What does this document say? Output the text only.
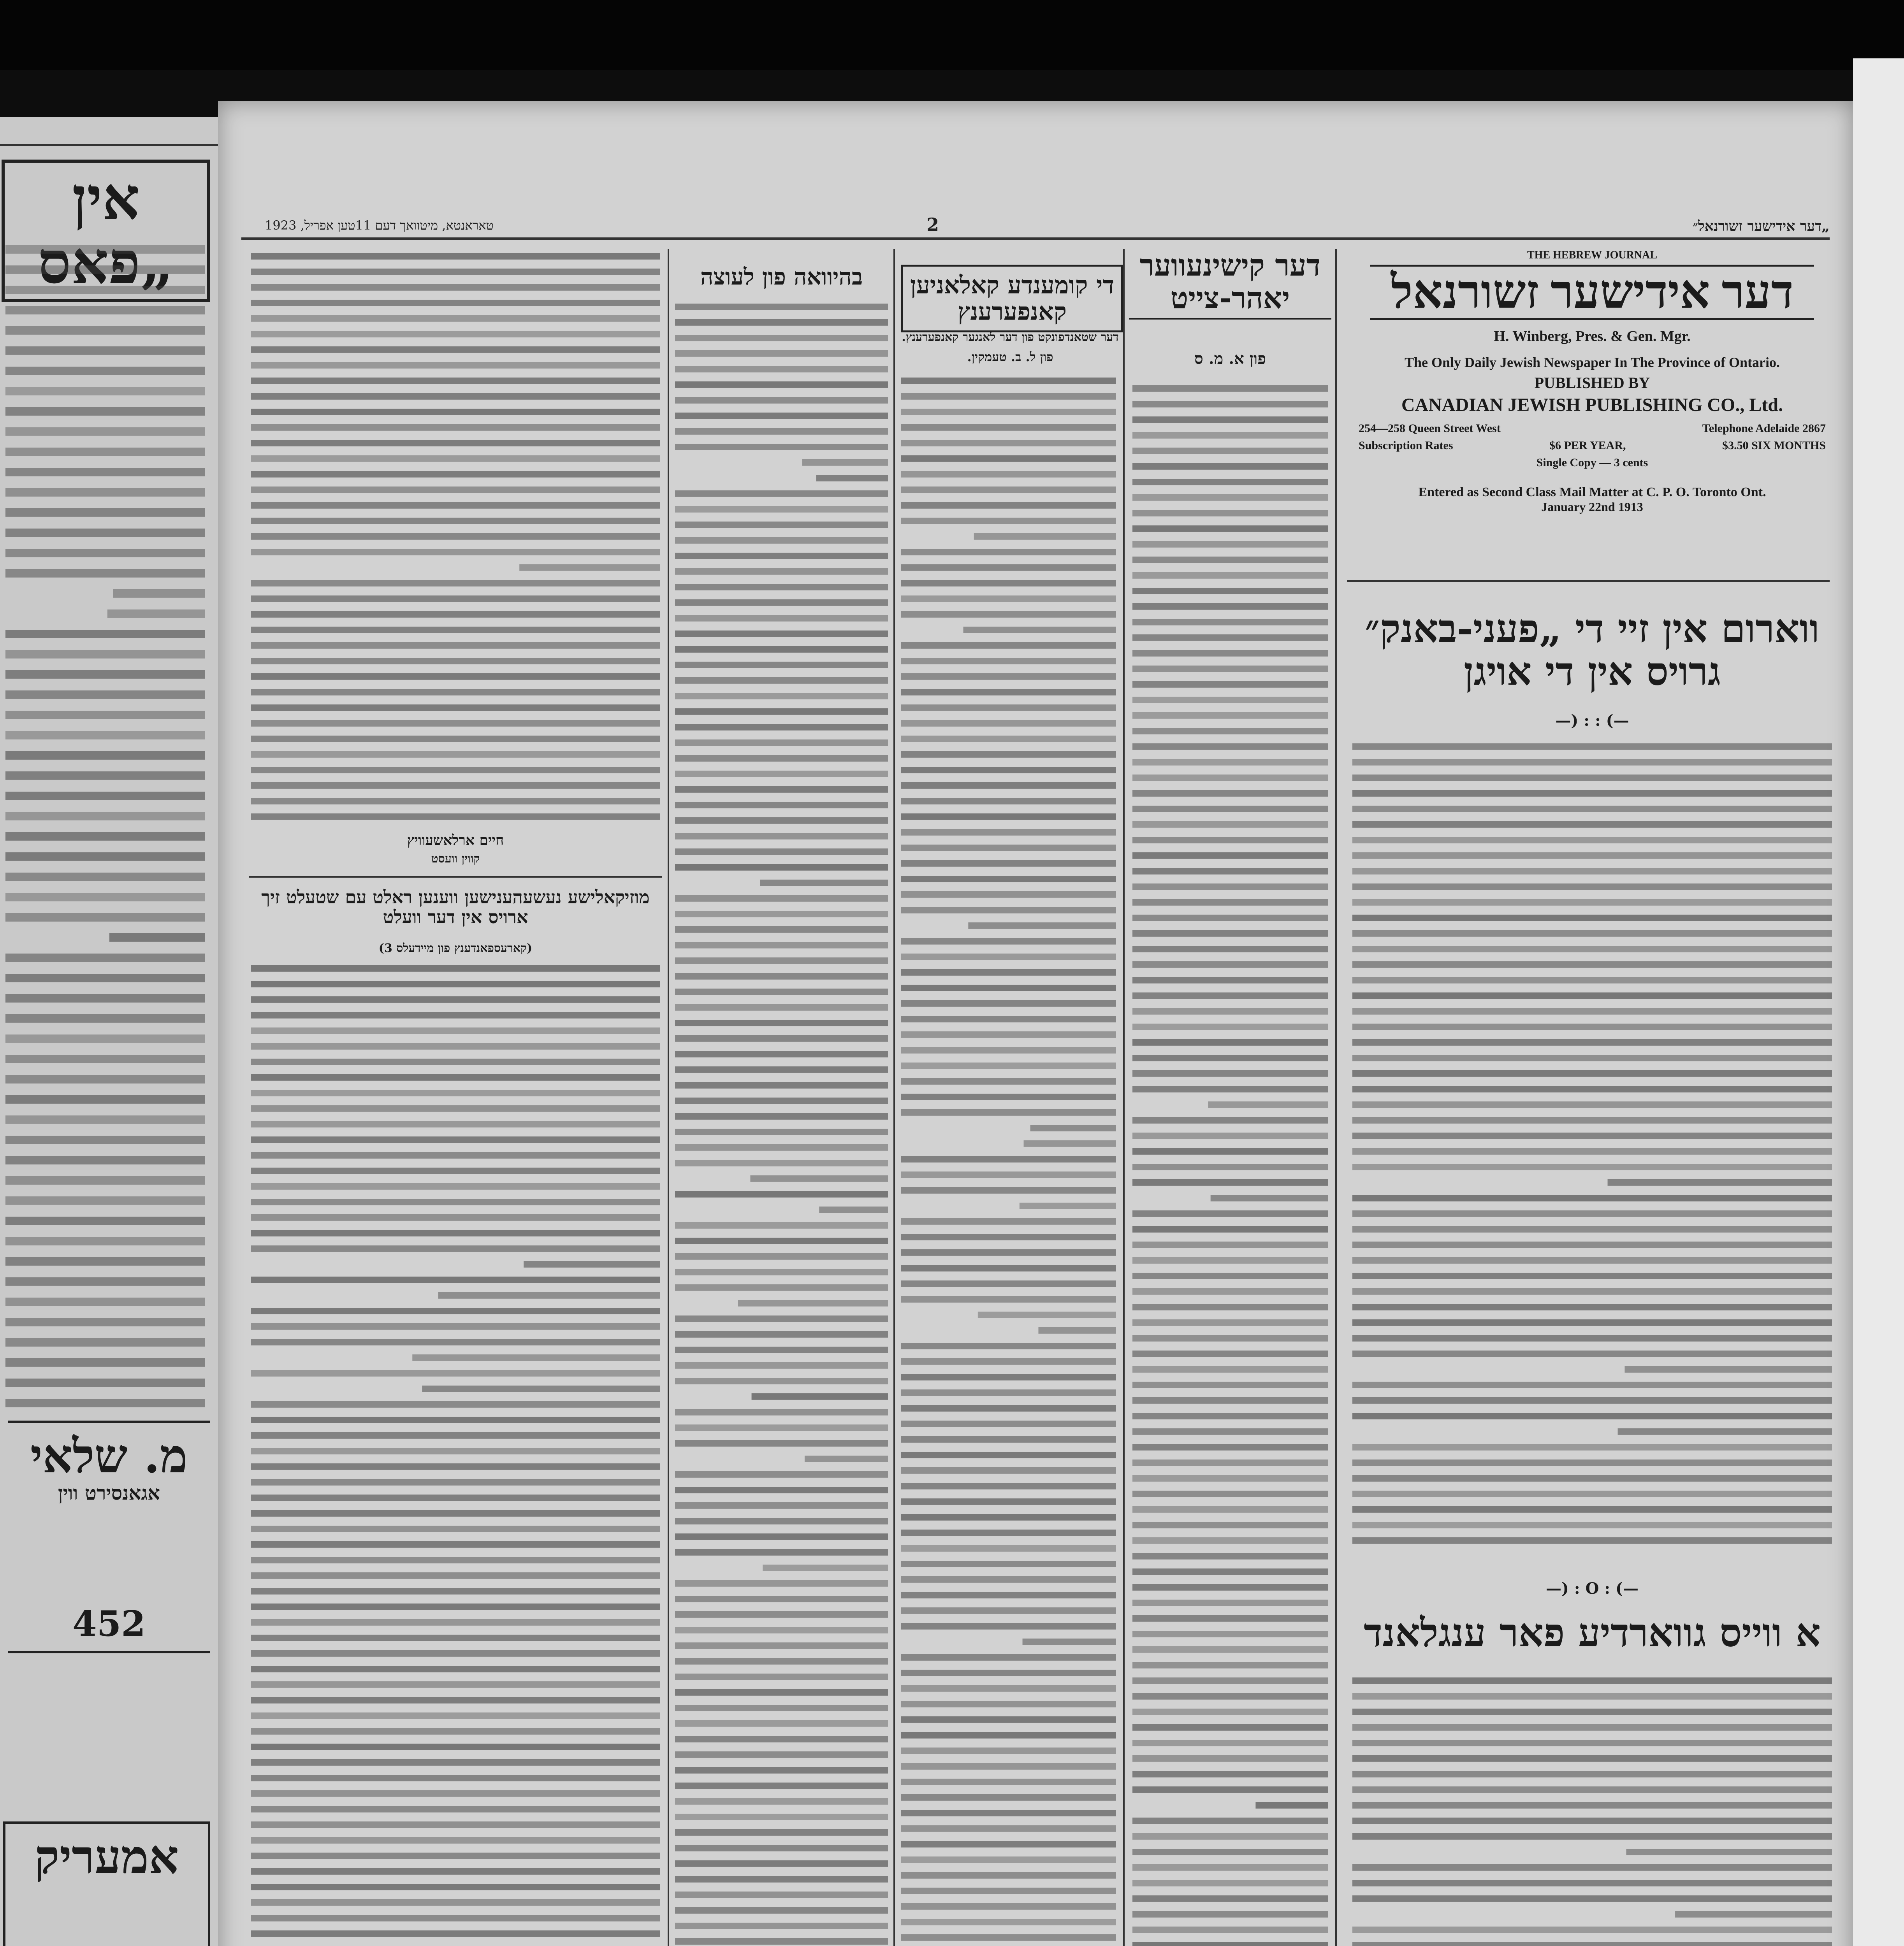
אין „פאס
מ. שלאי
אגאנסירט ווין
452
אמעריק
„דער אידישער זשורנאל״
2
טאראנטא, מיטוואך דעם 11טען אפריל, 1923
THE HEBREW JOURNAL
דער אידישער זשורנאל
H. Winberg, Pres. & Gen. Mgr.
The Only Daily Jewish Newspaper In The Province of Ontario.
PUBLISHED BY
CANADIAN JEWISH PUBLISHING CO., Ltd.
254—258 Queen Street West	Telephone Adelaide 2867
Subscription Rates	$6 PER YEAR,	$3.50 SIX MONTHS
Single Copy — 3 cents
Entered as Second Class Mail Matter at C. P. O. Toronto Ont.
January 22nd 1913
ווארום אין זיי די „פעני-באנק״ גרויס אין די אויגן
—) : : (—
—) : O : (—
א ווייס גווארדיע פאר ענגלאנד
דער קישינעווער יאהר-צייט
פון א. מ. ס
די קומענדע קאלאניען קאנפערענץ
דער שטאנדפונקט פון דער לאנגער קאנפערענץ.
פון ל. ב. טעמקין.
בהיוואה פון לעוצה
חיים ארלאשעוויץ
קווין וועסט
מוזיקאלישע נעשעהענישען ווענען ראלט עם שטעלט זיך ארויס אין דער וועלט
(קארעספאנדענץ פון מיידעלס 3)
